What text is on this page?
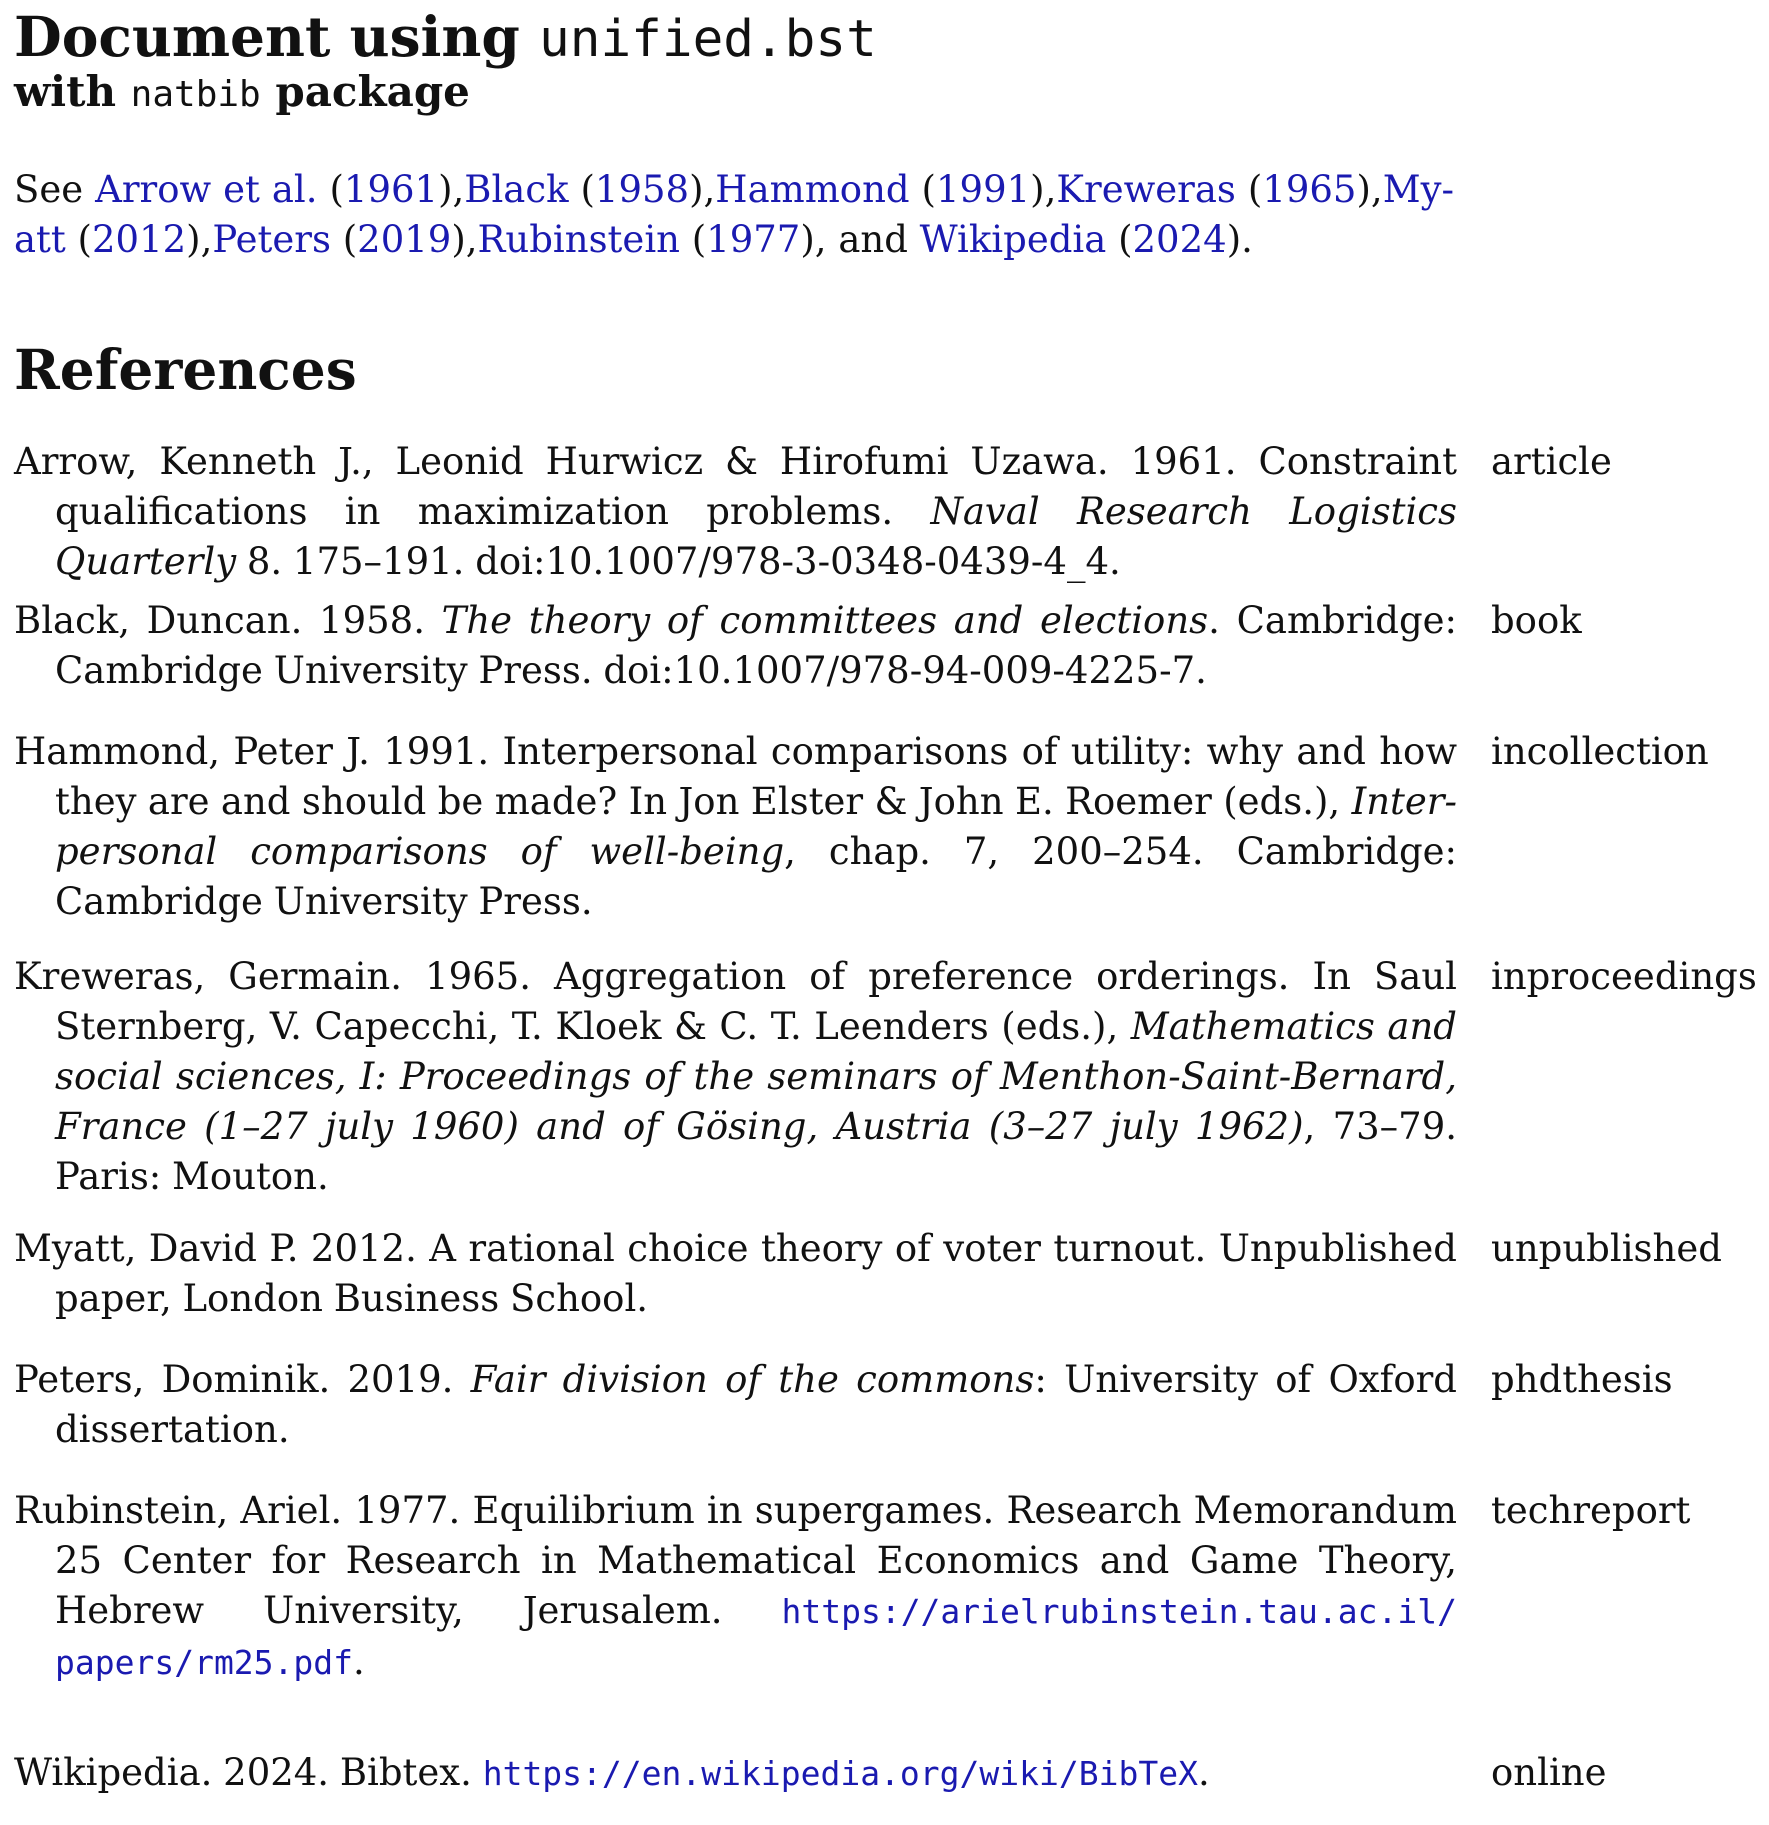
Document using unified.bst
with natbib package

See Arrow et al. (1961),Black (1958),Hammond (1991),Kreweras (1965),Myatt (2012),Peters (2019),Rubinstein (1977), and Wikipedia (2024).

References
Arrow, Kenneth J., Leonid Hurwicz & Hirofumi Uzawa. 1961. Constraint qualifications in maximization problems. Naval Research Logistics Quarterly 8. 175–191. doi:10.1007/978-3-0348-0439-4_4.
article
Black, Duncan. 1958. The theory of committees and elections. Cambridge: Cambridge University Press. doi:10.1007/978-94-009-4225-7.
book
Hammond, Peter J. 1991. Interpersonal comparisons of utility: why and how they are and should be made? In Jon Elster & John E. Roemer (eds.), Interpersonal comparisons of well-being, chap. 7, 200–254. Cambridge: Cambridge University Press.
incollection
Kreweras, Germain. 1965. Aggregation of preference orderings. In Saul Sternberg, V. Capecchi, T. Kloek & C. T. Leenders (eds.), Mathematics and social sciences, I: Proceedings of the seminars of Menthon-Saint-Bernard, France (1–27 july 1960) and of Gösing, Austria (3–27 july 1962), 73–79. Paris: Mouton.
inproceedings
Myatt, David P. 2012. A rational choice theory of voter turnout. Unpublished paper, London Business School.
unpublished
Peters, Dominik. 2019. Fair division of the commons: University of Oxford dissertation.
phdthesis
Rubinstein, Ariel. 1977. Equilibrium in supergames. Research Memorandum 25 Center for Research in Mathematical Economics and Game Theory, Hebrew University, Jerusalem. https://arielrubinstein.tau.ac.il/​papers/rm25.pdf.
techreport
Wikipedia. 2024. Bibtex. https://en.wikipedia.org/wiki/BibTeX.	online
